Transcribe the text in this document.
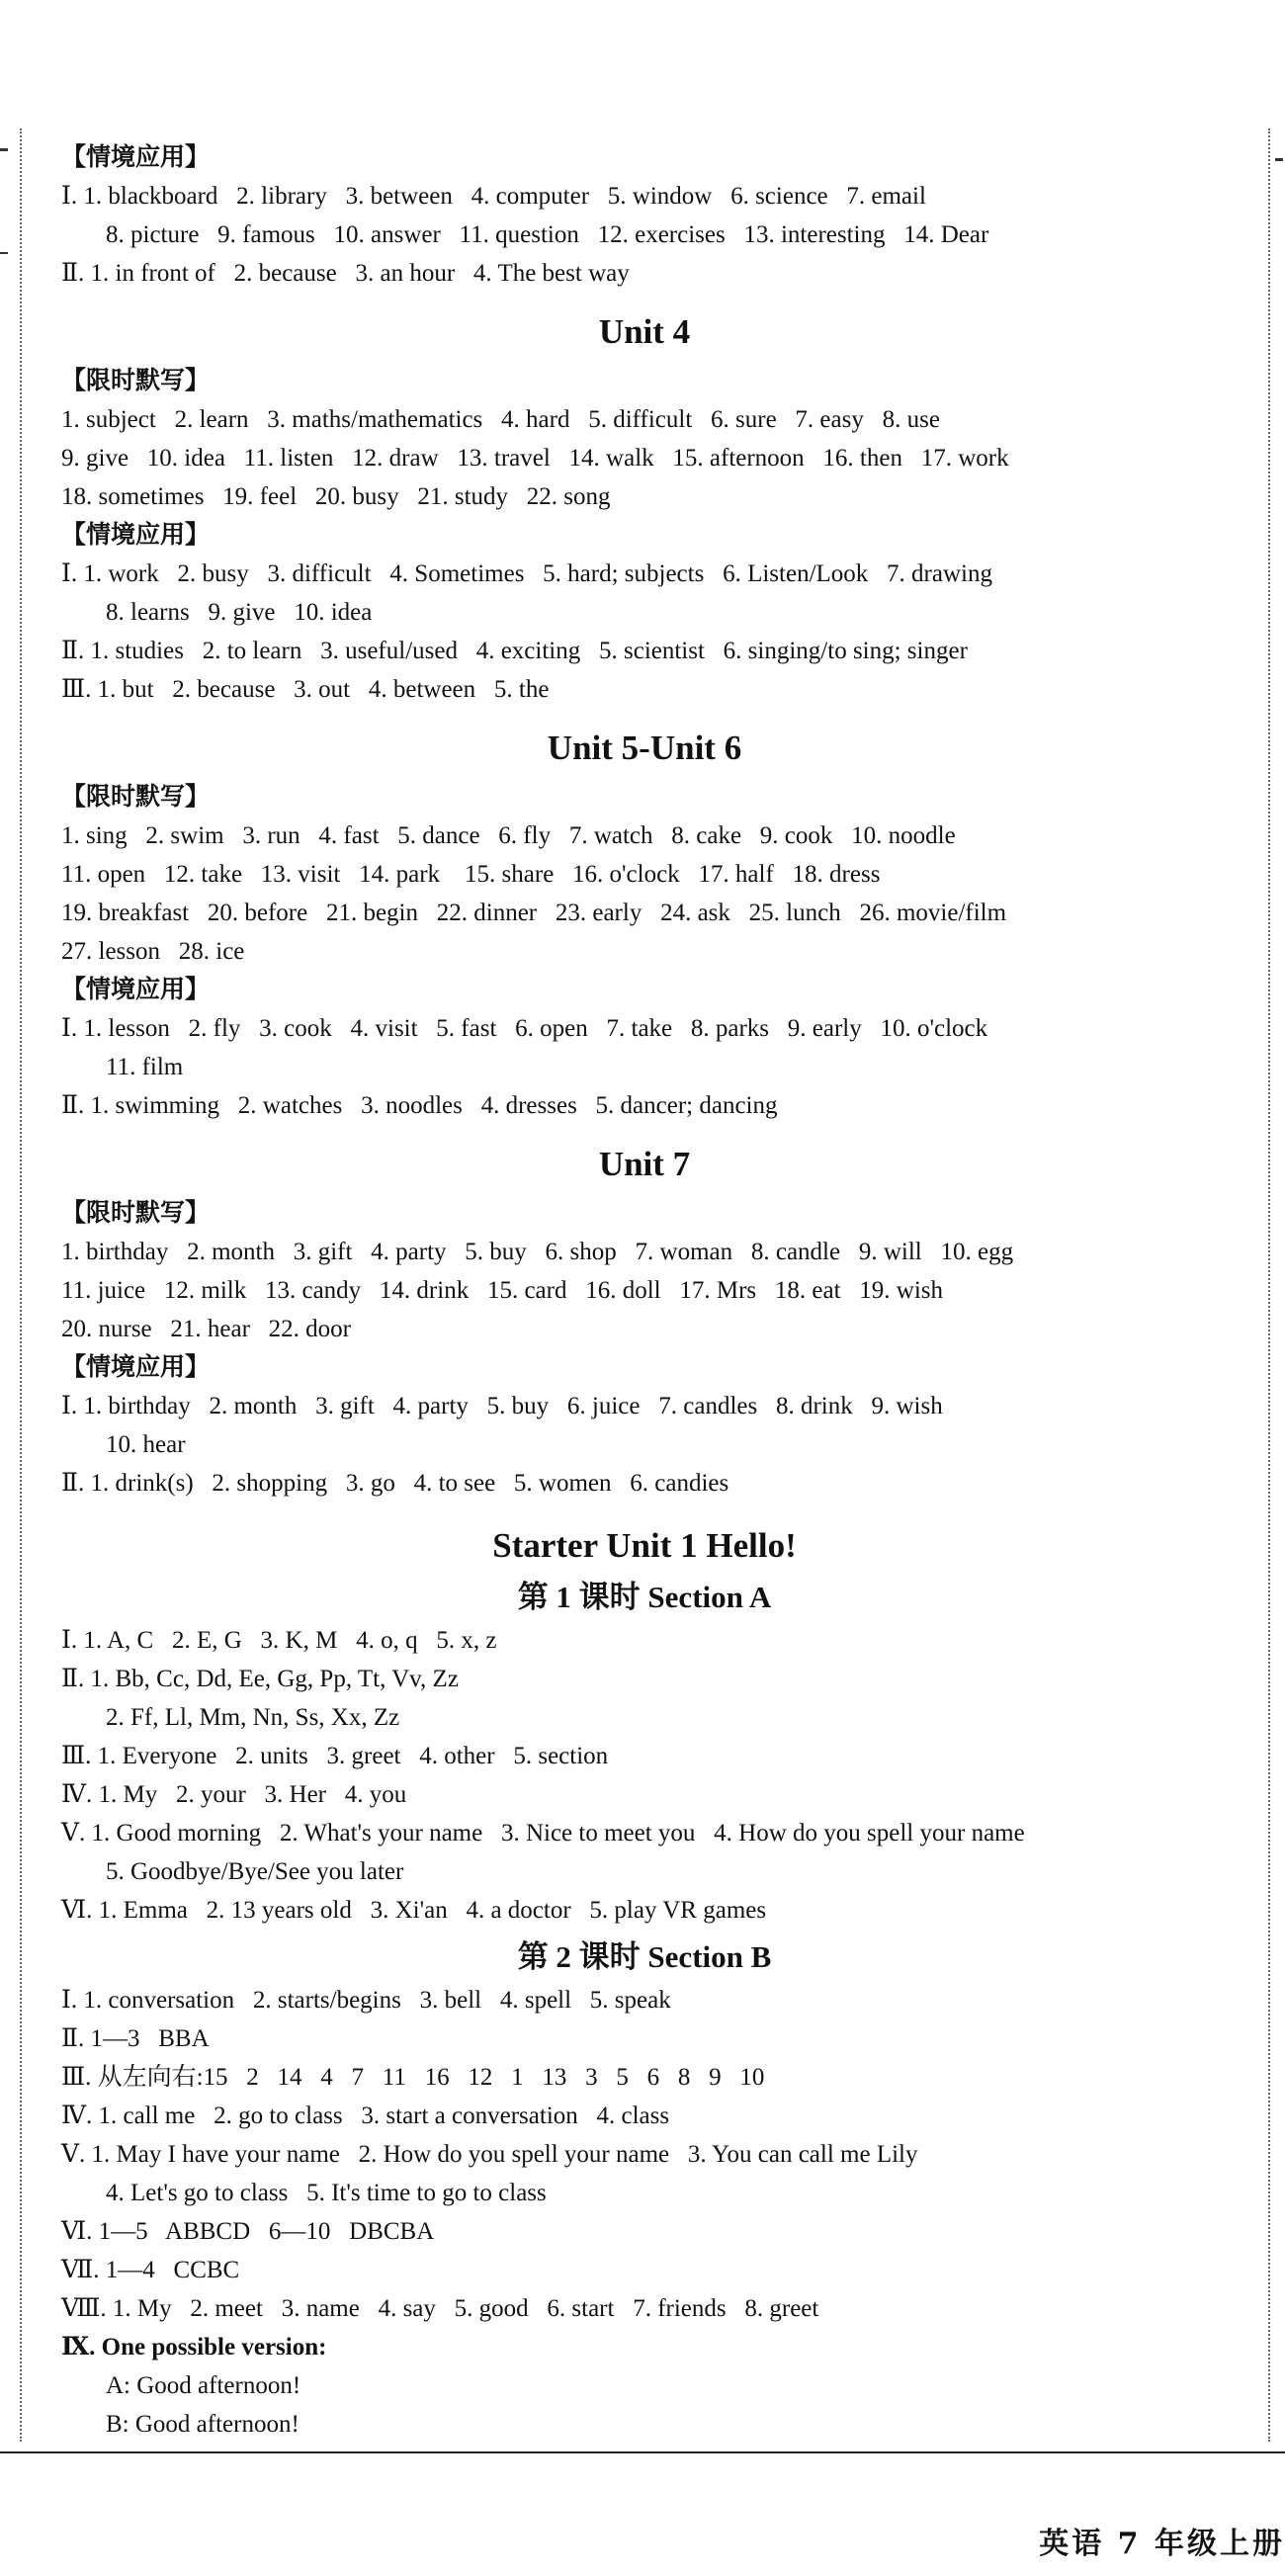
【情境应用】
Ⅰ. 1. blackboard   2. library   3. between   4. computer   5. window   6. science   7. email
8. picture   9. famous   10. answer   11. question   12. exercises   13. interesting   14. Dear
Ⅱ. 1. in front of   2. because   3. an hour   4. The best way
Unit 4
【限时默写】
1. subject   2. learn   3. maths/mathematics   4. hard   5. difficult   6. sure   7. easy   8. use
9. give   10. idea   11. listen   12. draw   13. travel   14. walk   15. afternoon   16. then   17. work
18. sometimes   19. feel   20. busy   21. study   22. song
【情境应用】
Ⅰ. 1. work   2. busy   3. difficult   4. Sometimes   5. hard; subjects   6. Listen/Look   7. drawing
8. learns   9. give   10. idea
Ⅱ. 1. studies   2. to learn   3. useful/used   4. exciting   5. scientist   6. singing/to sing; singer
Ⅲ. 1. but   2. because   3. out   4. between   5. the
Unit 5-Unit 6
【限时默写】
1. sing   2. swim   3. run   4. fast   5. dance   6. fly   7. watch   8. cake   9. cook   10. noodle
11. open   12. take   13. visit   14. park    15. share   16. o'clock   17. half   18. dress
19. breakfast   20. before   21. begin   22. dinner   23. early   24. ask   25. lunch   26. movie/film
27. lesson   28. ice
【情境应用】
Ⅰ. 1. lesson   2. fly   3. cook   4. visit   5. fast   6. open   7. take   8. parks   9. early   10. o'clock
11. film
Ⅱ. 1. swimming   2. watches   3. noodles   4. dresses   5. dancer; dancing
Unit 7
【限时默写】
1. birthday   2. month   3. gift   4. party   5. buy   6. shop   7. woman   8. candle   9. will   10. egg
11. juice   12. milk   13. candy   14. drink   15. card   16. doll   17. Mrs   18. eat   19. wish
20. nurse   21. hear   22. door
【情境应用】
Ⅰ. 1. birthday   2. month   3. gift   4. party   5. buy   6. juice   7. candles   8. drink   9. wish
10. hear
Ⅱ. 1. drink(s)   2. shopping   3. go   4. to see   5. women   6. candies
Starter Unit 1 Hello!
第 1 课时 Section A
Ⅰ. 1. A, C   2. E, G   3. K, M   4. o, q   5. x, z
Ⅱ. 1. Bb, Cc, Dd, Ee, Gg, Pp, Tt, Vv, Zz
2. Ff, Ll, Mm, Nn, Ss, Xx, Zz
Ⅲ. 1. Everyone   2. units   3. greet   4. other   5. section
Ⅳ. 1. My   2. your   3. Her   4. you
Ⅴ. 1. Good morning   2. What's your name   3. Nice to meet you   4. How do you spell your name
5. Goodbye/Bye/See you later
Ⅵ. 1. Emma   2. 13 years old   3. Xi'an   4. a doctor   5. play VR games
第 2 课时 Section B
Ⅰ. 1. conversation   2. starts/begins   3. bell   4. spell   5. speak
Ⅱ. 1—3   BBA
Ⅲ. 从左向右:15   2   14   4   7   11   16   12   1   13   3   5   6   8   9   10
Ⅳ. 1. call me   2. go to class   3. start a conversation   4. class
Ⅴ. 1. May I have your name   2. How do you spell your name   3. You can call me Lily
4. Let's go to class   5. It's time to go to class
Ⅵ. 1—5   ABBCD   6—10   DBCBA
Ⅶ. 1—4   CCBC
Ⅷ. 1. My   2. meet   3. name   4. say   5. good   6. start   7. friends   8. greet
Ⅸ. One possible version:
A: Good afternoon!
B: Good afternoon!
英语 7 年级上册
